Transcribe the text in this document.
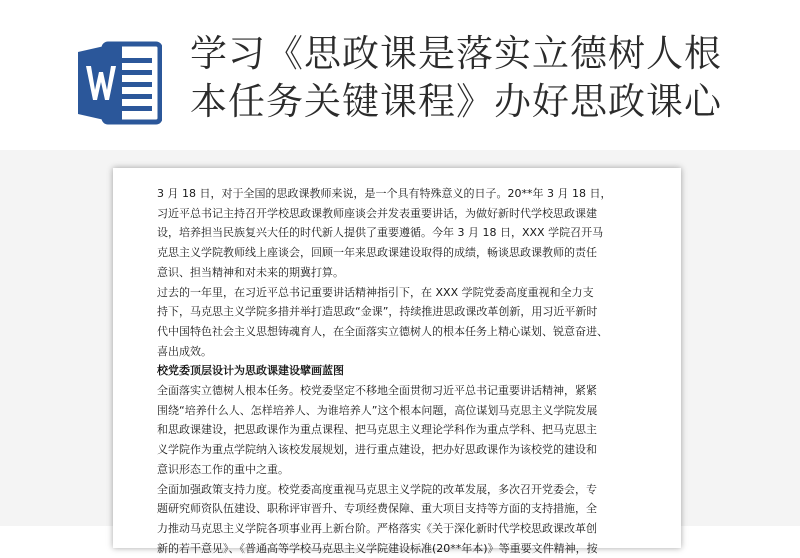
学习《思政课是落实立德树人根
本任务关键课程》办好思政课心
3 月 18 日，对于全国的思政课教师来说，是一个具有特殊意义的日子。20**年 3 月 18 日，
习近平总书记主持召开学校思政课教师座谈会并发表重要讲话，为做好新时代学校思政课建
设，培养担当民族复兴大任的时代新人提供了重要遵循。今年 3 月 18 日，XXX 学院召开马
克思主义学院教师线上座谈会，回顾一年来思政课建设取得的成绩，畅谈思政课教师的责任
意识、担当精神和对未来的期冀打算。
过去的一年里，在习近平总书记重要讲话精神指引下，在 XXX 学院党委高度重视和全力支
持下，马克思主义学院多措并举打造思政“金课”，持续推进思政课改革创新，用习近平新时
代中国特色社会主义思想铸魂育人，在全面落实立德树人的根本任务上精心谋划、锐意奋进、
喜出成效。
校党委顶层设计为思政课建设擘画蓝图
全面落实立德树人根本任务。校党委坚定不移地全面贯彻习近平总书记重要讲话精神，紧紧
围绕“培养什么人、怎样培养人、为谁培养人”这个根本问题，高位谋划马克思主义学院发展
和思政课建设，把思政课作为重点课程、把马克思主义理论学科作为重点学科、把马克思主
义学院作为重点学院纳入该校发展规划，进行重点建设，把办好思政课作为该校党的建设和
意识形态工作的重中之重。
全面加强政策支持力度。校党委高度重视马克思主义学院的改革发展，多次召开党委会，专
题研究师资队伍建设、职称评审晋升、专项经费保障、重大项目支持等方面的支持措施，全
力推动马克思主义学院各项事业再上新台阶。严格落实《关于深化新时代学校思政课改革创
新的若干意见》、《普通高等学校马克思主义学院建设标准(20**年本)》等重要文件精神，按
